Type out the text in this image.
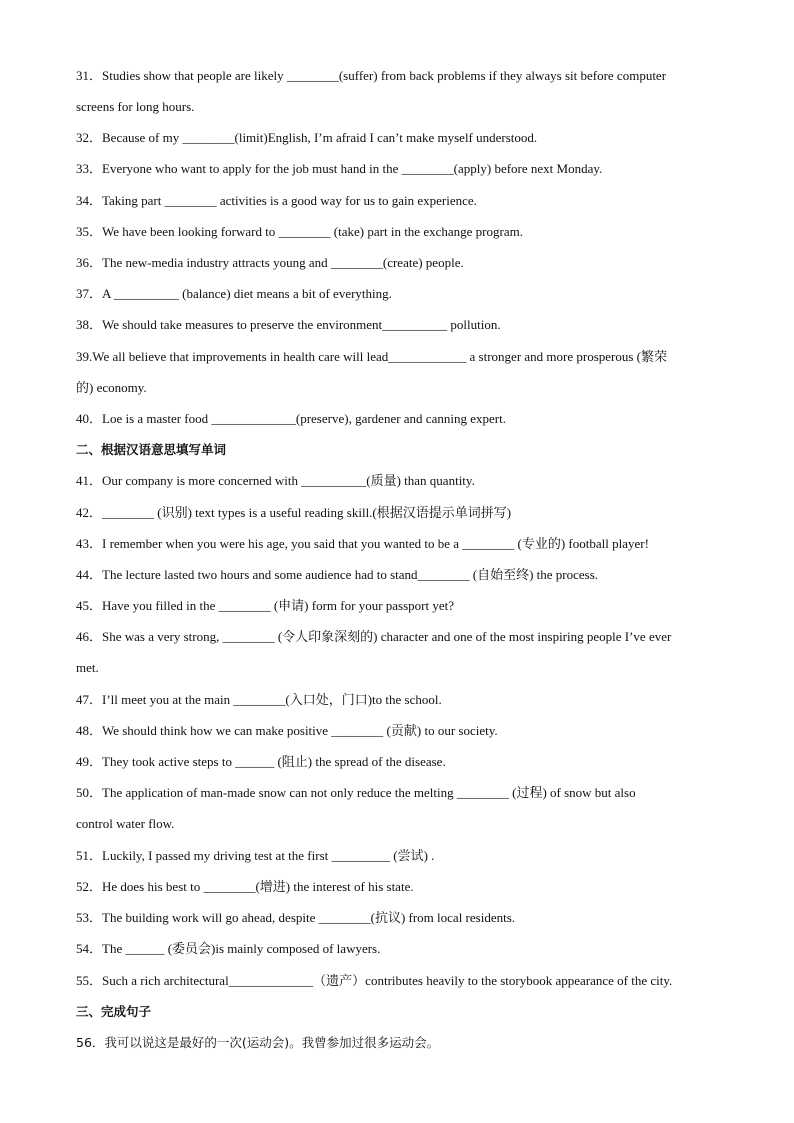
31．Studies show that people are likely ________(suffer) from back problems if they always sit before computer
screens for long hours.
32．Because of my ________(limit)English, I’m afraid I can’t make myself understood.
33．Everyone who want to apply for the job must hand in the ________(apply) before next Monday.
34．Taking part ________ activities is a good way for us to gain experience.
35．We have been looking forward to ________ (take) part in the exchange program.
36．The new-media industry attracts young and ________(create) people.
37．A __________ (balance) diet means a bit of everything.
38．We should take measures to preserve the environment__________ pollution.
39.We all believe that improvements in health care will lead____________ a stronger and more prosperous (繁荣
的) economy.
40．Loe is a master food _____________(preserve), gardener and canning expert.
二、根据汉语意思填写单词
41．Our company is more concerned with __________(质量) than quantity.
42．________ (识别) text types is a useful reading skill.(根据汉语提示单词拼写)
43．I remember when you were his age, you said that you wanted to be a ________ (专业的) football player!
44．The lecture lasted two hours and some audience had to stand________ (自始至终) the process.
45．Have you filled in the ________ (申请) form for your passport yet?
46．She was a very strong, ________ (令人印象深刻的) character and one of the most inspiring people I’ve ever
met.
47．I’ll meet you at the main ________(入口处，门口)to the school.
48．We should think how we can make positive ________ (贡献) to our society.
49．They took active steps to ______ (阻止) the spread of the disease.
50．The application of man-made snow can not only reduce the melting ________ (过程) of snow but also
control water flow.
51．Luckily, I passed my driving test at the first _________ (尝试) .
52．He does his best to ________(增进) the interest of his state.
53．The building work will go ahead, despite ________(抗议) from local residents.
54．The ______ (委员会)is mainly composed of lawyers.
55．Such a rich architectural_____________（遗产）contributes heavily to the storybook appearance of the city.
三、完成句子
56．我可以说这是最好的一次(运动会)。我曾参加过很多运动会。
